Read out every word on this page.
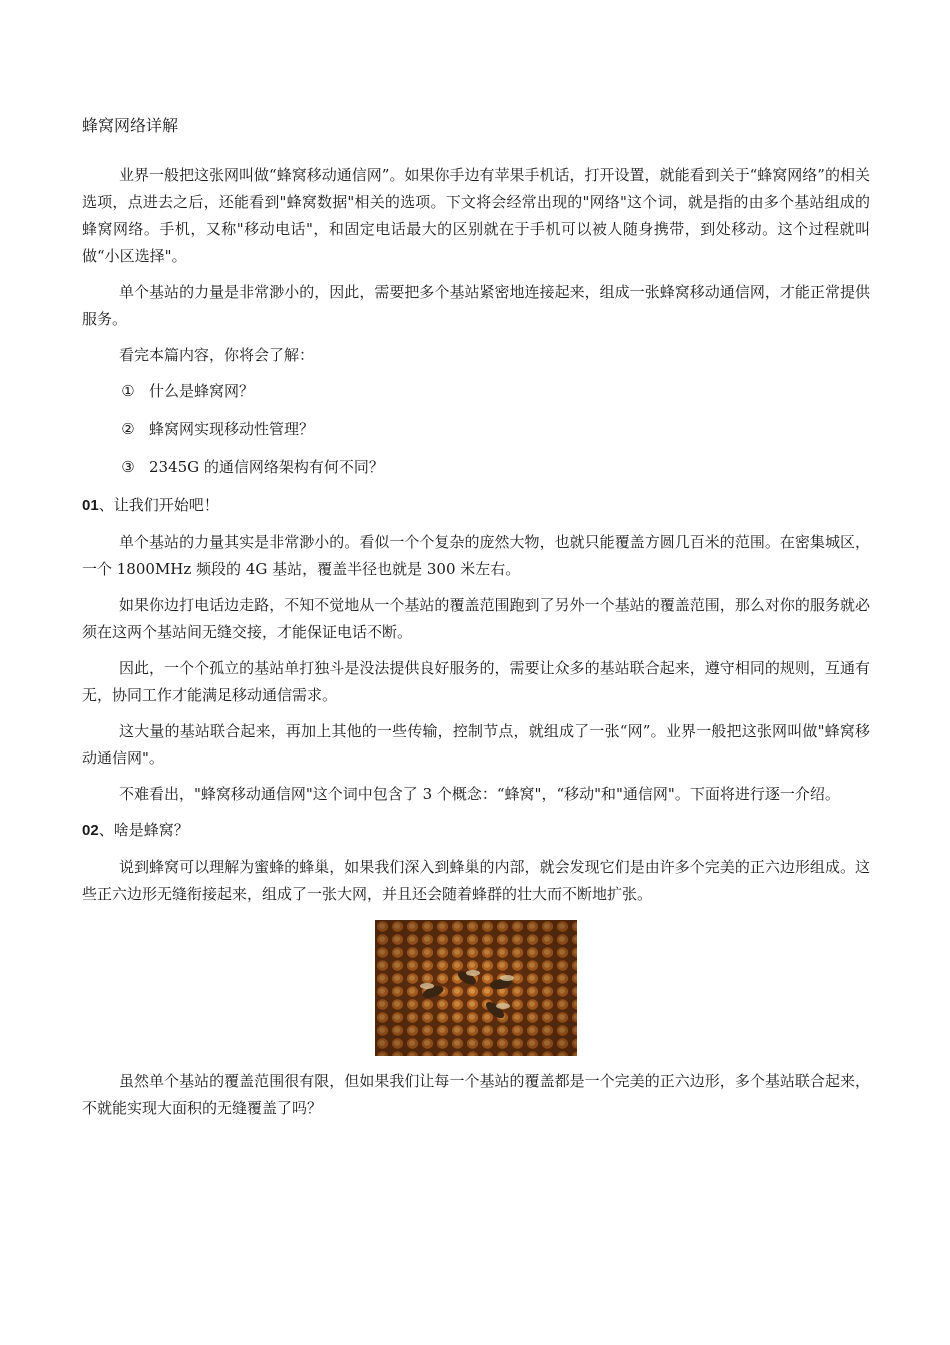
蜂窝网络详解

业界一般把这张网叫做“蜂窝移动通信网”。如果你手边有苹果手机话，打开设置，就能看到关于“蜂窝网络”的相关选项，点进去之后，还能看到"蜂窝数据"相关的选项。下文将会经常出现的"网络"这个词，就是指的由多个基站组成的蜂窝网络。手机，又称"移动电话"，和固定电话最大的区别就在于手机可以被人随身携带，到处移动。这个过程就叫做“小区选择"。

单个基站的力量是非常渺小的，因此，需要把多个基站紧密地连接起来，组成一张蜂窝移动通信网，才能正常提供服务。

看完本篇内容，你将会了解：

① 什么是蜂窝网？
② 蜂窝网实现移动性管理？
③ 2345G 的通信网络架构有何不同？
01、让我们开始吧！

单个基站的力量其实是非常渺小的。看似一个个复杂的庞然大物，也就只能覆盖方圆几百米的范围。在密集城区，一个 1800MHz 频段的 4G 基站，覆盖半径也就是 300 米左右。

如果你边打电话边走路，不知不觉地从一个基站的覆盖范围跑到了另外一个基站的覆盖范围，那么对你的服务就必须在这两个基站间无缝交接，才能保证电话不断。

因此，一个个孤立的基站单打独斗是没法提供良好服务的，需要让众多的基站联合起来，遵守相同的规则，互通有无，协同工作才能满足移动通信需求。

这大量的基站联合起来，再加上其他的一些传输，控制节点，就组成了一张“网”。业界一般把这张网叫做"蜂窝移动通信网"。

不难看出，"蜂窝移动通信网"这个词中包含了 3 个概念：“蜂窝"，“移动"和"通信网"。下面将进行逐一介绍。

02、啥是蜂窝？

说到蜂窝可以理解为蜜蜂的蜂巢，如果我们深入到蜂巢的内部，就会发现它们是由许多个完美的正六边形组成。这些正六边形无缝衔接起来，组成了一张大网，并且还会随着蜂群的壮大而不断地扩张。

虽然单个基站的覆盖范围很有限，但如果我们让每一个基站的覆盖都是一个完美的正六边形，多个基站联合起来，不就能实现大面积的无缝覆盖了吗？
